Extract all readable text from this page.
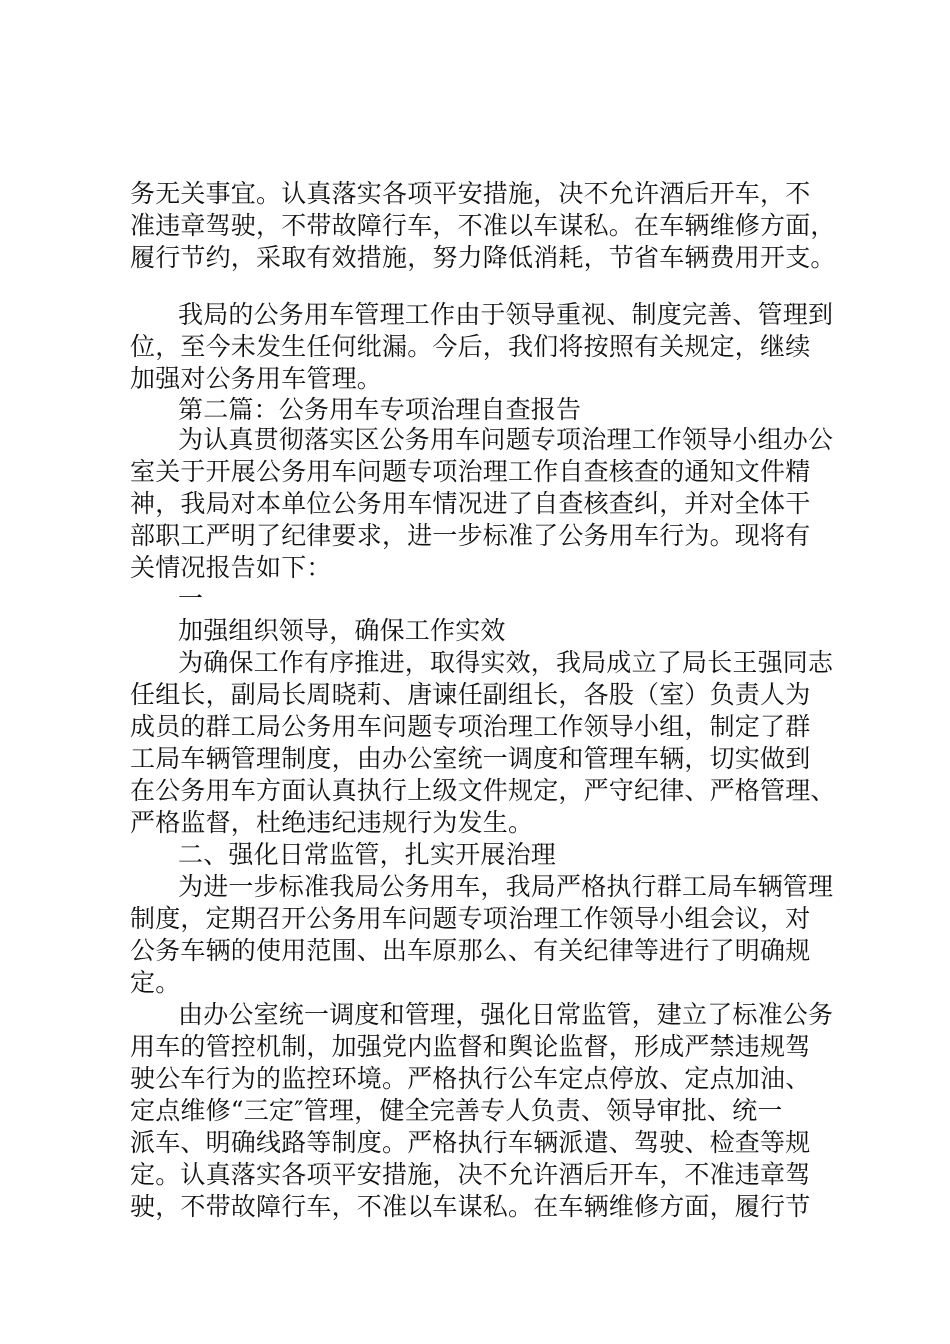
务无关事宜。认真落实各项平安措施，决不允许酒后开车，不
准违章驾驶，不带故障行车，不准以车谋私。在车辆维修方面，
履行节约，采取有效措施，努力降低消耗，节省车辆费用开支。
我局的公务用车管理工作由于领导重视、制度完善、管理到
位，至今未发生任何纰漏。今后，我们将按照有关规定，继续
加强对公务用车管理。
第二篇：公务用车专项治理自查报告
为认真贯彻落实区公务用车问题专项治理工作领导小组办公
室关于开展公务用车问题专项治理工作自查核查的通知文件精
神，我局对本单位公务用车情况进了自查核查纠，并对全体干
部职工严明了纪律要求，进一步标准了公务用车行为。现将有
关情况报告如下：
一
加强组织领导，确保工作实效
为确保工作有序推进，取得实效，我局成立了局长王强同志
任组长，副局长周晓莉、唐谏任副组长，各股（室）负责人为
成员的群工局公务用车问题专项治理工作领导小组，制定了群
工局车辆管理制度，由办公室统一调度和管理车辆，切实做到
在公务用车方面认真执行上级文件规定，严守纪律、严格管理、
严格监督，杜绝违纪违规行为发生。
二、强化日常监管，扎实开展治理
为进一步标准我局公务用车，我局严格执行群工局车辆管理
制度，定期召开公务用车问题专项治理工作领导小组会议，对
公务车辆的使用范围、出车原那么、有关纪律等进行了明确规
定。
由办公室统一调度和管理，强化日常监管，建立了标准公务
用车的管控机制，加强党内监督和舆论监督，形成严禁违规驾
驶公车行为的监控环境。严格执行公车定点停放、定点加油、
定点维修“三定″管理，健全完善专人负责、领导审批、统一
派车、明确线路等制度。严格执行车辆派遣、驾驶、检查等规
定。认真落实各项平安措施，决不允许酒后开车，不准违章驾
驶，不带故障行车，不准以车谋私。在车辆维修方面，履行节
